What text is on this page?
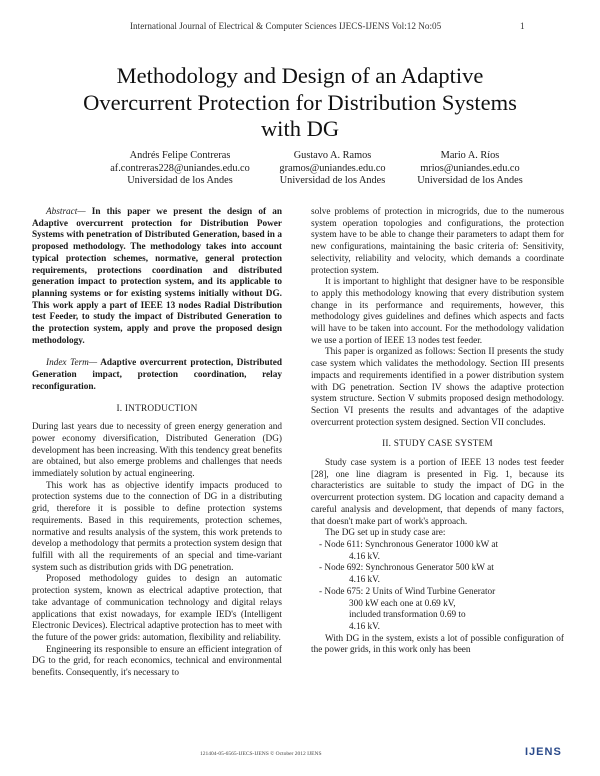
International Journal of Electrical & Computer Sciences IJECS-IJENS Vol:12 No:05	1
Methodology and Design of an Adaptive
Overcurrent Protection for Distribution Systems
with DG
Andrés Felipe Contreras
af.contreras228@uniandes.edu.co
Universidad de los Andes
Gustavo A. Ramos
gramos@uniandes.edu.co
Universidad de los Andes
Mario A. Ríos
mrios@uniandes.edu.co
Universidad de los Andes

Abstract— In this paper we present the design of an Adaptive overcurrent protection for Distribution Power Systems with penetration of Distributed Generation, based in a proposed methodology. The methodology takes into account typical protection schemes, normative, general protection requirements, protections coordination and distributed generation impact to protection system, and its applicable to planning systems or for existing systems initially without DG. This work apply a part of IEEE 13 nodes Radial Distribution test Feeder, to study the impact of Distributed Generation to the protection system, apply and prove the proposed design methodology.

Index Term— Adaptive overcurrent protection, Distributed Generation impact, protection coordination, relay reconfiguration.

I. INTRODUCTION

During last years due to necessity of green energy generation and power economy diversification, Distributed Generation (DG) development has been increasing. With this tendency great benefits are obtained, but also emerge problems and challenges that needs immediately solution by actual engineering.

This work has as objective identify impacts produced to protection systems due to the connection of DG in a distributing grid, therefore it is possible to define protection systems requirements. Based in this requirements, protection schemes, normative and results analysis of the system, this work pretends to develop a methodology that permits a protection system design that fulfill with all the requirements of an special and time-variant system such as distribution grids with DG penetration.

Proposed methodology guides to design an automatic protection system, known as electrical adaptive protection, that take advantage of communication technology and digital relays applications that exist nowadays, for example IED's (Intelligent Electronic Devices). Electrical adaptive protection has to meet with the future of the power grids: automation, flexibility and reliability.

Engineering its responsible to ensure an efficient integration of DG to the grid, for reach economics, technical and environmental benefits. Consequently, it's necessary to

solve problems of protection in microgrids, due to the numerous system operation topologies and configurations, the protection system have to be able to change their parameters to adapt them for new configurations, maintaining the basic criteria of: Sensitivity, selectivity, reliability and velocity, which demands a coordinate protection system.

It is important to highlight that designer have to be responsible to apply this methodology knowing that every distribution system change in its performance and requirements, however, this methodology gives guidelines and defines which aspects and facts will have to be taken into account. For the methodology validation we use a portion of IEEE 13 nodes test feeder.

This paper is organized as follows: Section II presents the study case system which validates the methodology. Section III presents impacts and requirements identified in a power distribution system with DG penetration. Section IV shows the adaptive protection system structure. Section V submits proposed design methodology. Section VI presents the results and advantages of the adaptive overcurrent protection system designed. Section VII concludes.

II. STUDY CASE SYSTEM

Study case system is a portion of IEEE 13 nodes test feeder [28], one line diagram is presented in Fig. 1, because its characteristics are suitable to study the impact of DG in the overcurrent protection system. DG location and capacity demand a careful analysis and development, that depends of many factors, that doesn't make part of work's approach.

The DG set up in study case are:

- Node 611: Synchronous Generator 1000 kW at

4.16 kV.

- Node 692: Synchronous Generator 500 kW at

4.16 kV.

- Node 675: 2 Units of Wind Turbine Generator

300 kW each one at 0.69 kV,

included transformation 0.69 to

4.16 kV.

With DG in the system, exists a lot of possible configuration of the power grids, in this work only has been

121404-05-6565-IJECS-IJENS © October 2012 IJENS	IJENS
